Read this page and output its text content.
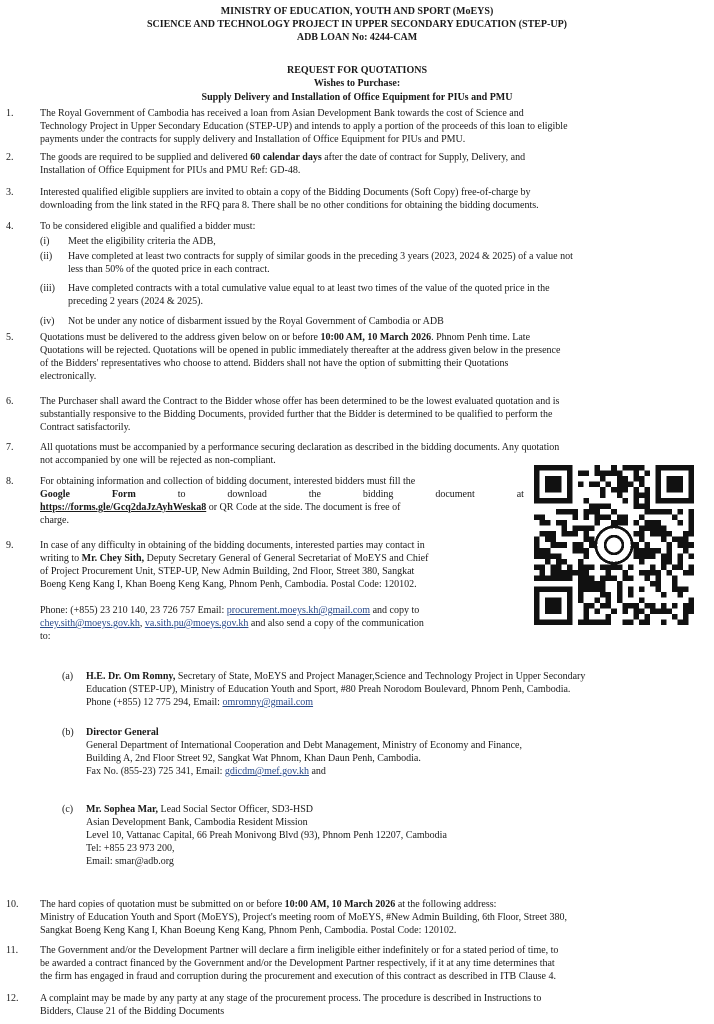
MINISTRY OF EDUCATION, YOUTH AND SPORT (MoEYS)
SCIENCE AND TECHNOLOGY PROJECT IN UPPER SECONDARY EDUCATION (STEP-UP)
ADB LOAN No: 4244-CAM
REQUEST FOR QUOTATIONS
Wishes to Purchase:
Supply Delivery and Installation of Office Equipment for PIUs and PMU
1.	The Royal Government of Cambodia has received a loan from Asian Development Bank towards the cost of Science and
Technology Project in Upper Secondary Education (STEP-UP) and intends to apply a portion of the proceeds of this loan to eligible
payments under the contracts for supply delivery and Installation of Office Equipment for PIUs and PMU.
2.	The goods are required to be supplied and delivered 60 calendar days after the date of contract for Supply, Delivery, and
Installation of Office Equipment for PIUs and PMU Ref: GD-48.
3.	Interested qualified eligible suppliers are invited to obtain a copy of the Bidding Documents (Soft Copy) free-of-charge by
downloading from the link stated in the RFQ para 8. There shall be no other conditions for obtaining the bidding documents.
4.	To be considered eligible and qualified a bidder must:
(i)	Meet the eligibility criteria the ADB,
(ii)	Have completed at least two contracts for supply of similar goods in the preceding 3 years (2023, 2024 & 2025) of a value not
less than 50% of the quoted price in each contract.
(iii)	Have completed contracts with a total cumulative value equal to at least two times of the value of the quoted price in the
preceding 2 years (2024 & 2025).
(iv)	Not be under any notice of disbarment issued by the Royal Government of Cambodia or ADB
5.	Quotations must be delivered to the address given below on or before 10:00 AM, 10 March 2026. Phnom Penh time. Late
Quotations will be rejected. Quotations will be opened in public immediately thereafter at the address given below in the presence
of the Bidders' representatives who choose to attend. Bidders shall not have the option of submitting their Quotations
electronically.
6.	The Purchaser shall award the Contract to the Bidder whose offer has been determined to be the lowest evaluated quotation and is
substantially responsive to the Bidding Documents, provided further that the Bidder is determined to be qualified to perform the
Contract satisfactorily.
7.	All quotations must be accompanied by a performance securing declaration as described in the bidding documents. Any quotation
not accompanied by one will be rejected as non-compliant.
8.	For obtaining information and collection of bidding document, interested bidders must fill the
Google	Form	to	download	the	bidding	document	at
https://forms.gle/Gcq2daJzAyhWeska8 or QR Code at the side. The document is free of
charge.
9.	In case of any difficulty in obtaining of the bidding documents, interested parties may contact in
writing to Mr. Chey Sith, Deputy Secretary General of General Secretariat of MoEYS and Chief
of Project Procurement Unit, STEP-UP, New Admin Building, 2nd Floor, Street 380, Sangkat
Boeng Keng Kang I, Khan Boeng Keng Kang, Phnom Penh, Cambodia. Postal Code: 120102.
Phone: (+855) 23 210 140, 23 726 757 Email: procurement.moeys.kh@gmail.com and copy to
chey.sith@moeys.gov.kh, va.sith.pu@moeys.gov.kh and also send a copy of the communication
to:
(a) H.E. Dr. Om Romny, Secretary of State, MoEYS and Project Manager,Science and Technology Project in Upper Secondary
Education (STEP-UP), Ministry of Education Youth and Sport, #80 Preah Norodom Boulevard, Phnom Penh, Cambodia.
Phone (+855) 12 775 294, Email: omromny@gmail.com
(b) Director General
General Department of International Cooperation and Debt Management, Ministry of Economy and Finance,
Building A, 2nd Floor Street 92, Sangkat Wat Phnom, Khan Daun Penh, Cambodia.
Fax No. (855-23) 725 341, Email: gdicdm@mef.gov.kh and
(c) Mr. Sophea Mar, Lead Social Sector Officer, SD3-HSD
Asian Development Bank, Cambodia Resident Mission
Level 10, Vattanac Capital, 66 Preah Monivong Blvd (93), Phnom Penh 12207, Cambodia
Tel: +855 23 973 200,
Email: smar@adb.org
10.	The hard copies of quotation must be submitted on or before 10:00 AM, 10 March 2026 at the following address:
Ministry of Education Youth and Sport (MoEYS), Project's meeting room of MoEYS, #New Admin Building, 6th Floor, Street 380,
Sangkat Boeng Keng Kang I, Khan Boeung Keng Kang, Phnom Penh, Cambodia. Postal Code: 120102.
11.	The Government and/or the Development Partner will declare a firm ineligible either indefinitely or for a stated period of time, to
be awarded a contract financed by the Government and/or the Development Partner respectively, if it at any time determines that
the firm has engaged in fraud and corruption during the procurement and execution of this contract as described in ITB Clause 4.
12.	A complaint may be made by any party at any stage of the procurement process. The procedure is described in Instructions to
Bidders, Clause 21 of the Bidding Documents
